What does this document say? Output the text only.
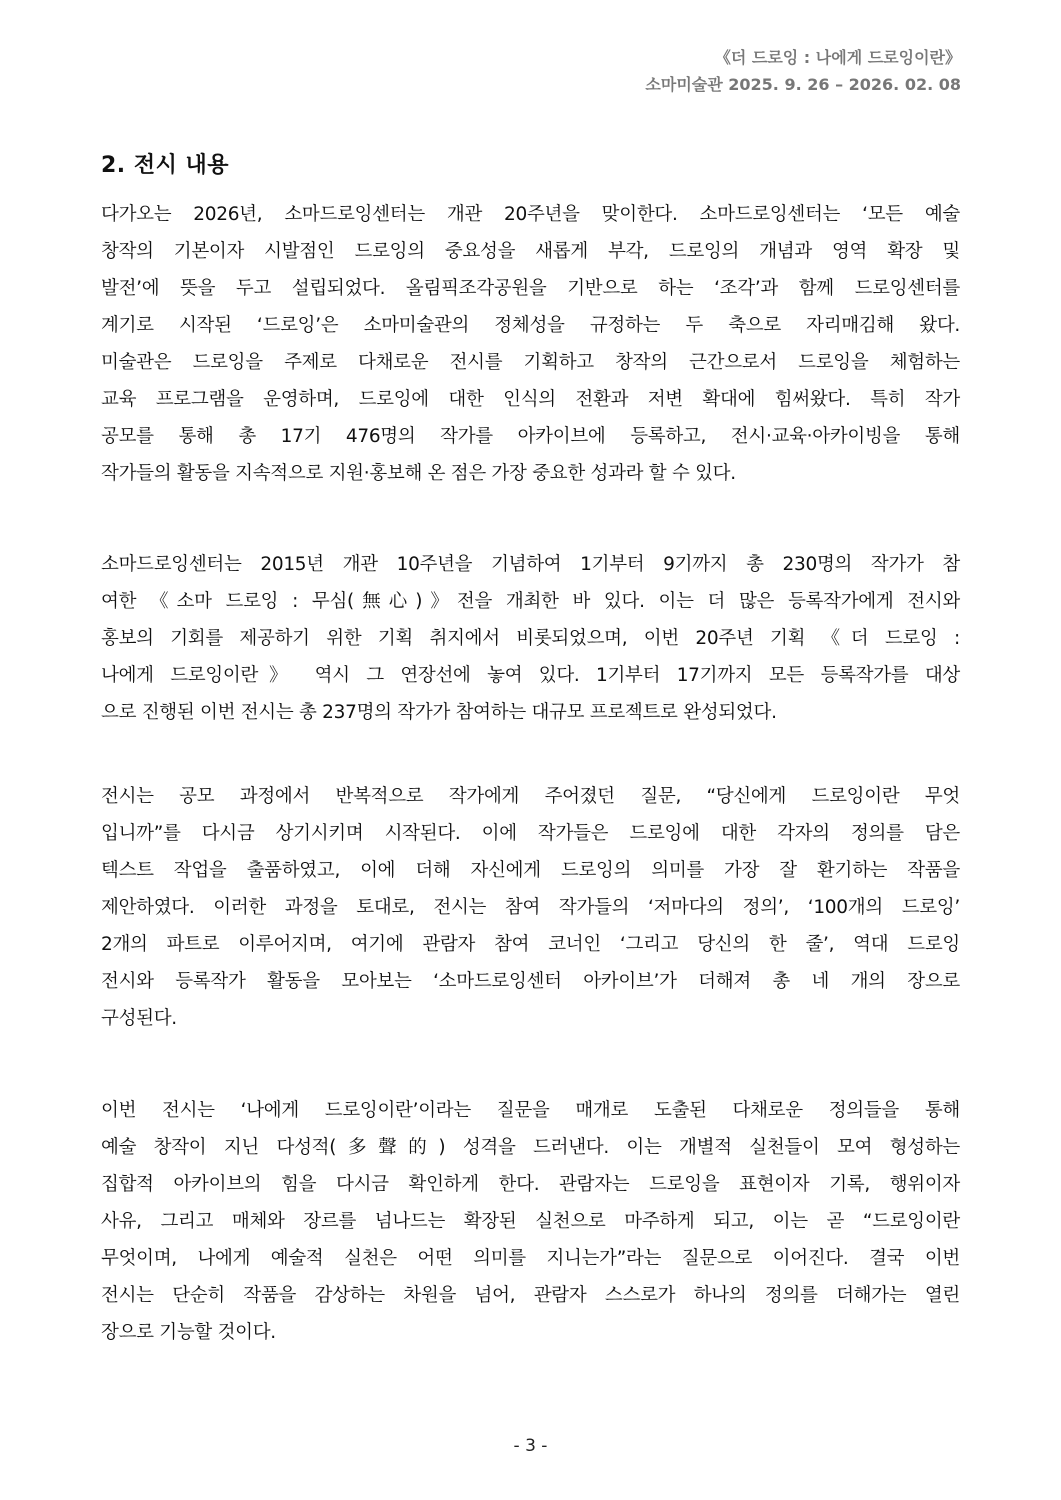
《더 드로잉 : 나에게 드로잉이란》
소마미술관 2025. 9. 26 – 2026. 02. 08
2. 전시 내용
다가오는 2026년, 소마드로잉센터는 개관 20주년을 맞이한다. 소마드로잉센터는 ‘모든 예술
창작의 기본이자 시발점인 드로잉의 중요성을 새롭게 부각, 드로잉의 개념과 영역 확장 및
발전’에 뜻을 두고 설립되었다. 올림픽조각공원을 기반으로 하는 ‘조각’과 함께 드로잉센터를
계기로 시작된 ‘드로잉’은 소마미술관의 정체성을 규정하는 두 축으로 자리매김해 왔다.
미술관은 드로잉을 주제로 다채로운 전시를 기획하고 창작의 근간으로서 드로잉을 체험하는
교육 프로그램을 운영하며, 드로잉에 대한 인식의 전환과 저변 확대에 힘써왔다. 특히 작가
공모를 통해 총 17기 476명의 작가를 아카이브에 등록하고, 전시·교육·아카이빙을 통해
작가들의 활동을 지속적으로 지원·홍보해 온 점은 가장 중요한 성과라 할 수 있다.
소마드로잉센터는 2015년 개관 10주년을 기념하여 1기부터 9기까지 총 230명의 작가가 참
여한 《소마 드로잉 : 무심(無心)》전을 개최한 바 있다. 이는 더 많은 등록작가에게 전시와
홍보의 기회를 제공하기 위한 기획 취지에서 비롯되었으며, 이번 20주년 기획 《더 드로잉 :
나에게 드로잉이란》 역시 그 연장선에 놓여 있다. 1기부터 17기까지 모든 등록작가를 대상
으로 진행된 이번 전시는 총 237명의 작가가 참여하는 대규모 프로젝트로 완성되었다.
전시는 공모 과정에서 반복적으로 작가에게 주어졌던 질문, “당신에게 드로잉이란 무엇
입니까”를 다시금 상기시키며 시작된다. 이에 작가들은 드로잉에 대한 각자의 정의를 담은
텍스트 작업을 출품하였고, 이에 더해 자신에게 드로잉의 의미를 가장 잘 환기하는 작품을
제안하였다. 이러한 과정을 토대로, 전시는 참여 작가들의 ‘저마다의 정의’, ‘100개의 드로잉’
2개의 파트로 이루어지며, 여기에 관람자 참여 코너인 ‘그리고 당신의 한 줄’, 역대 드로잉
전시와 등록작가 활동을 모아보는 ‘소마드로잉센터 아카이브’가 더해져 총 네 개의 장으로
구성된다.
이번 전시는 ‘나에게 드로잉이란’이라는 질문을 매개로 도출된 다채로운 정의들을 통해
예술 창작이 지닌 다성적(多聲的) 성격을 드러낸다. 이는 개별적 실천들이 모여 형성하는
집합적 아카이브의 힘을 다시금 확인하게 한다. 관람자는 드로잉을 표현이자 기록, 행위이자
사유, 그리고 매체와 장르를 넘나드는 확장된 실천으로 마주하게 되고, 이는 곧 “드로잉이란
무엇이며, 나에게 예술적 실천은 어떤 의미를 지니는가”라는 질문으로 이어진다. 결국 이번
전시는 단순히 작품을 감상하는 차원을 넘어, 관람자 스스로가 하나의 정의를 더해가는 열린
장으로 기능할 것이다.
- 3 -
